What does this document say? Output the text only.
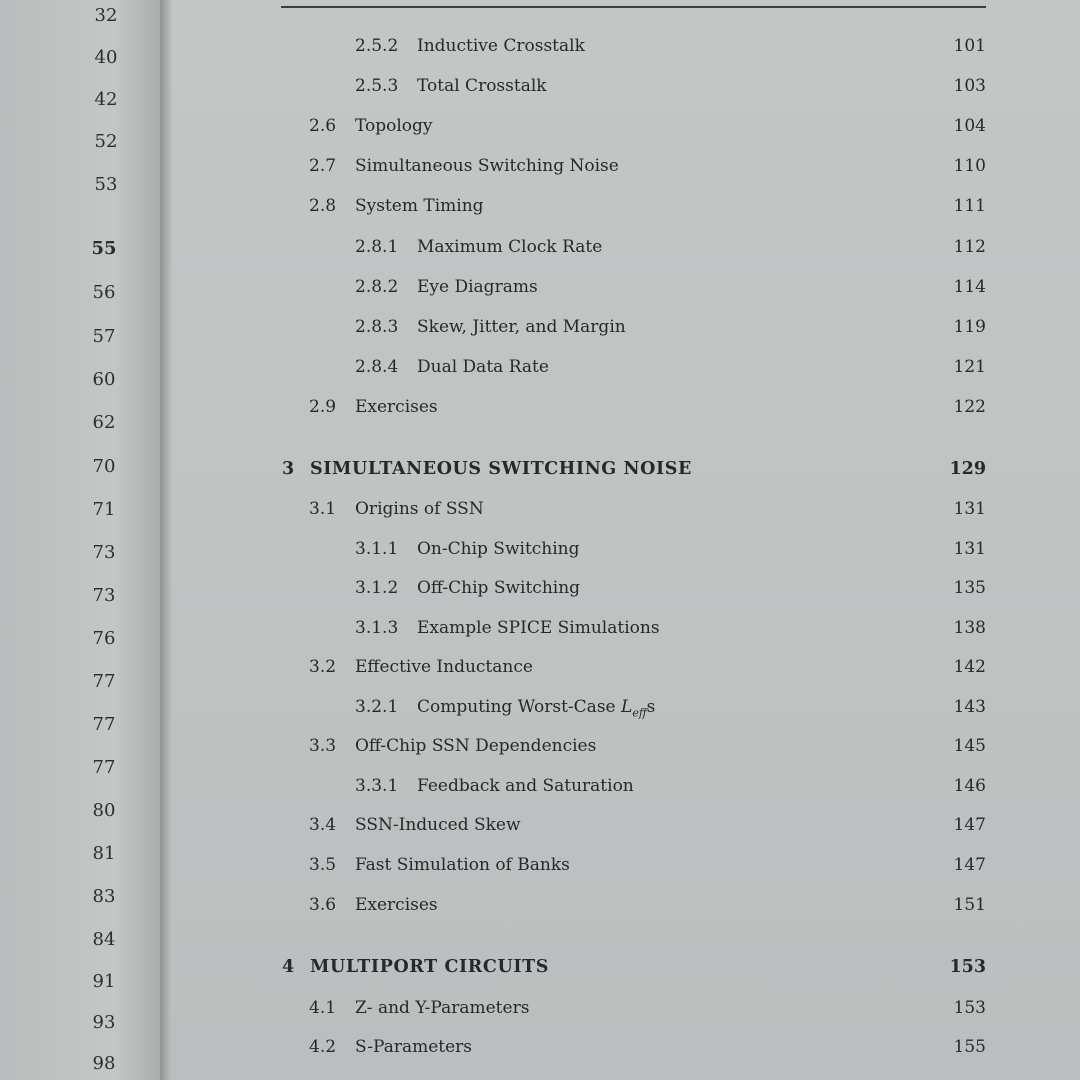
32
40
42
52
53
55
56
57
60
62
70
71
73
73
76
77
77
77
80
81
83
84
91
93
98
2.5.2 Inductive Crosstalk	101
2.5.3 Total Crosstalk	103
2.6 Topology	104
2.7 Simultaneous Switching Noise	110
2.8 System Timing	111
2.8.1 Maximum Clock Rate	112
2.8.2 Eye Diagrams	114
2.8.3 Skew, Jitter, and Margin	119
2.8.4 Dual Data Rate	121
2.9 Exercises	122
3 SIMULTANEOUS SWITCHING NOISE	129
3.1 Origins of SSN	131
3.1.1 On-Chip Switching	131
3.1.2 Off-Chip Switching	135
3.1.3 Example SPICE Simulations	138
3.2 Effective Inductance	142
3.2.1 Computing Worst-Case $L_{eff}s$	143
3.3 Off-Chip SSN Dependencies	145
3.3.1 Feedback and Saturation	146
3.4 SSN-Induced Skew	147
3.5 Fast Simulation of Banks	147
3.6 Exercises	151
4 MULTIPORT CIRCUITS	153
4.1 Z- and Y-Parameters	153
4.2 S-Parameters	155
